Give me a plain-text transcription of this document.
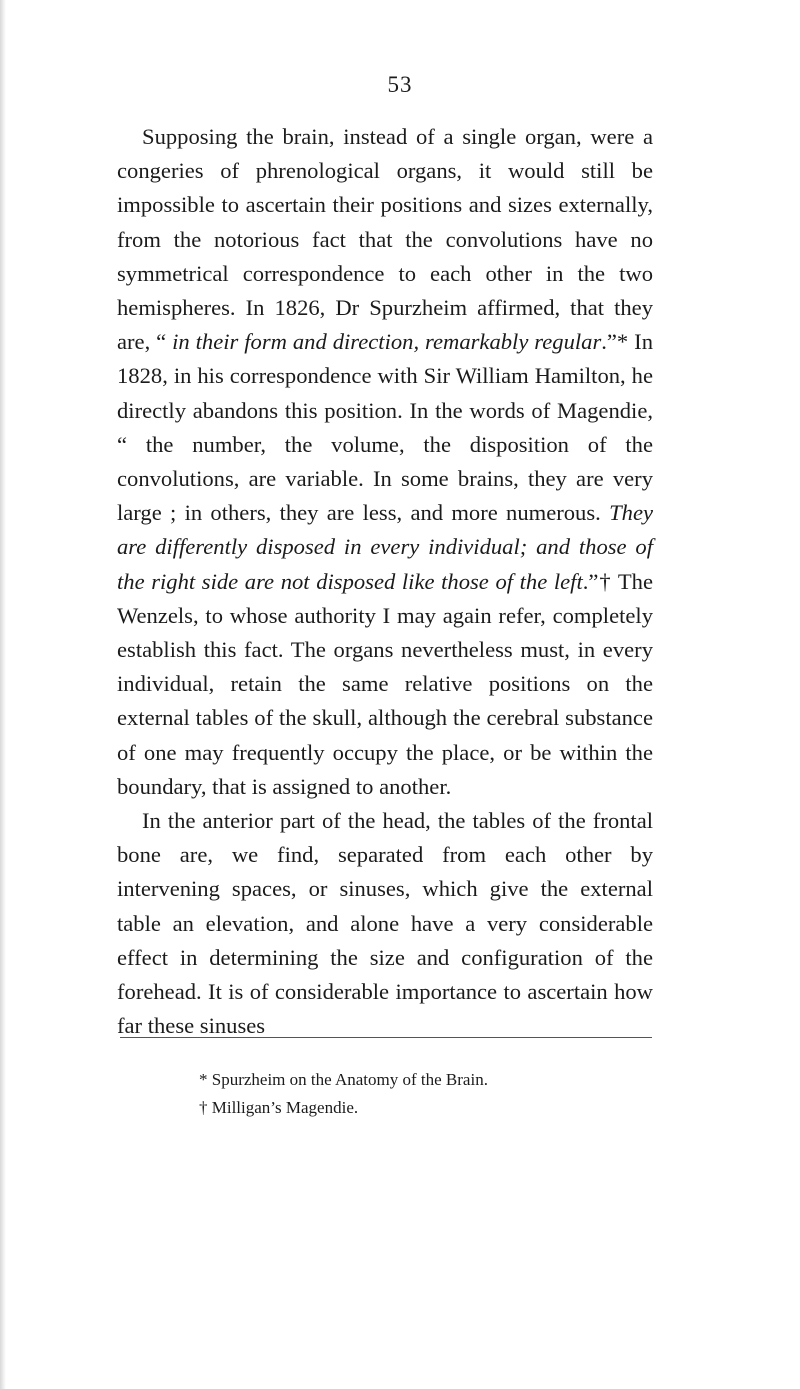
53

Supposing the brain, instead of a single organ, were a congeries of phrenological organs, it would still be impossible to ascertain their positions and sizes externally, from the notorious fact that the convolutions have no symmetrical correspondence to each other in the two hemispheres. In 1826, Dr Spurzheim affirmed, that they are, “ in their form and direction, remarkably regular.”* In 1828, in his correspondence with Sir William Hamilton, he directly abandons this position. In the words of Magendie, “ the number, the volume, the disposition of the convolutions, are variable. In some brains, they are very large ; in others, they are less, and more numerous. They are differently disposed in every individual; and those of the right side are not disposed like those of the left.”† The Wenzels, to whose authority I may again refer, completely establish this fact. The organs nevertheless must, in every individual, retain the same relative positions on the external tables of the skull, although the cerebral substance of one may frequently occupy the place, or be within the boundary, that is assigned to another.

In the anterior part of the head, the tables of the frontal bone are, we find, separated from each other by intervening spaces, or sinuses, which give the external table an elevation, and alone have a very considerable effect in determining the size and configuration of the forehead. It is of considerable importance to ascertain how far these sinuses

* Spurzheim on the Anatomy of the Brain.
† Milligan’s Magendie.
